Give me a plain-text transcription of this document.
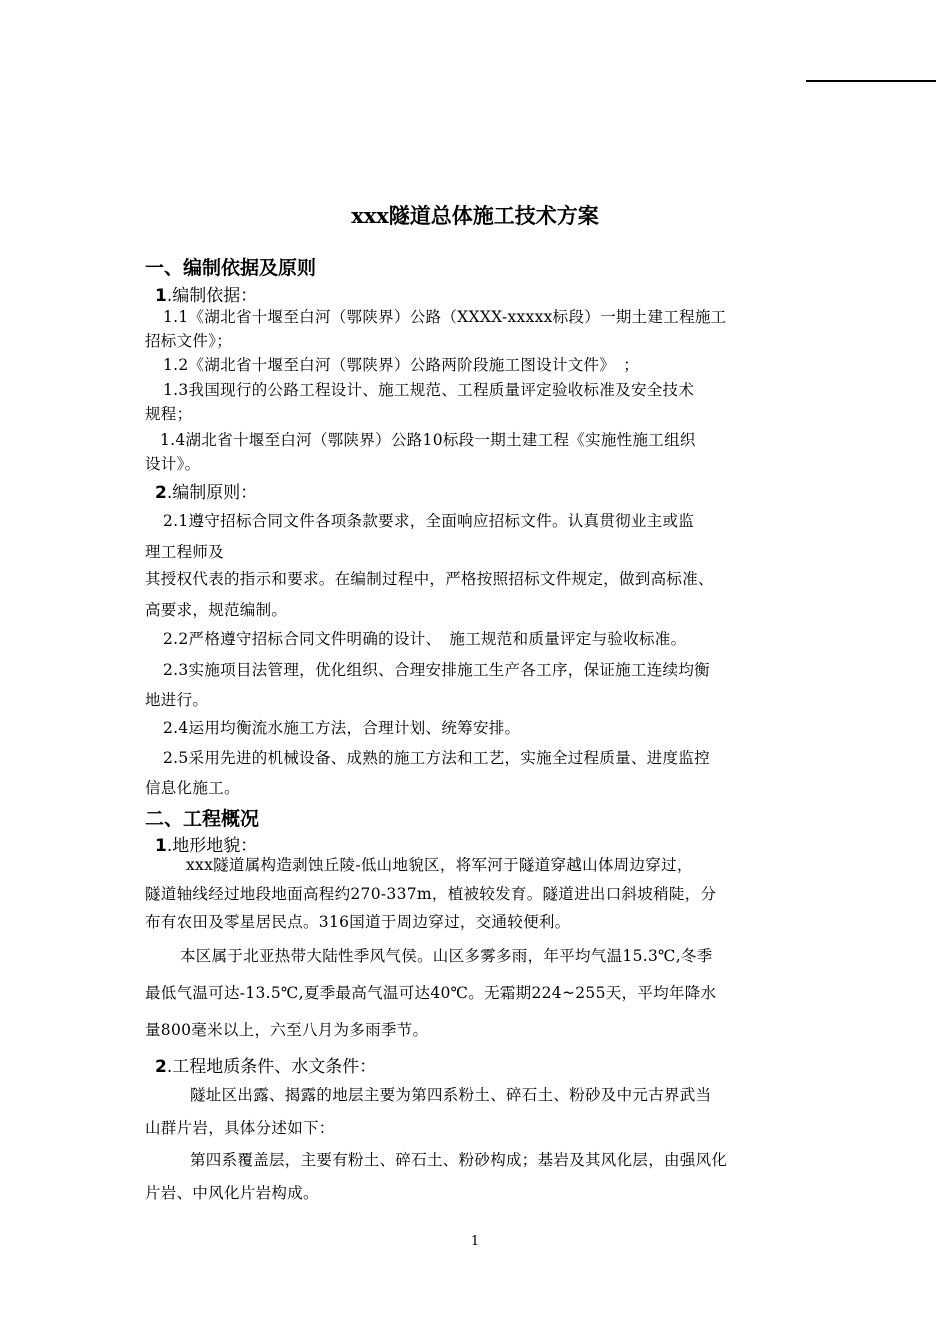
xxx隧道总体施工技术方案
一、编制依据及原则
1.编制依据：
1.1《湖北省十堰至白河（鄂陕界）公路（XXXX-xxxxx标段）一期土建工程施工
招标文件》；
1.2《湖北省十堰至白河（鄂陕界）公路两阶段施工图设计文件》　；
1.3我国现行的公路工程设计、施工规范、工程质量评定验收标准及安全技术
规程；
1.4湖北省十堰至白河（鄂陕界）公路10标段一期土建工程《实施性施工组织
设计》。
2.编制原则：
2.1遵守招标合同文件各项条款要求，全面响应招标文件。认真贯彻业主或监
理工程师及
其授权代表的指示和要求。在编制过程中，严格按照招标文件规定，做到高标准、
高要求，规范编制。
2.2严格遵守招标合同文件明确的设计、　施工规范和质量评定与验收标准。
2.3实施项目法管理，优化组织、合理安排施工生产各工序，保证施工连续均衡
地进行。
2.4运用均衡流水施工方法，合理计划、统筹安排。
2.5采用先进的机械设备、成熟的施工方法和工艺，实施全过程质量、进度监控
信息化施工。
二、工程概况
1.地形地貌：
xxx隧道属构造剥蚀丘陵-低山地貌区，将军河于隧道穿越山体周边穿过，
隧道轴线经过地段地面高程约270-337m，植被较发育。隧道进出口斜坡稍陡，分
布有农田及零星居民点。316国道于周边穿过，交通较便利。
本区属于北亚热带大陆性季风气侯。山区多雾多雨，年平均气温15.3℃,冬季
最低气温可达-13.5℃,夏季最高气温可达40℃。无霜期224~255天，平均年降水
量800毫米以上，六至八月为多雨季节。
2.工程地质条件、水文条件：
隧址区出露、揭露的地层主要为第四系粉土、碎石土、粉砂及中元古界武当
山群片岩，具体分述如下：
第四系覆盖层，主要有粉土、碎石土、粉砂构成；基岩及其风化层，由强风化
片岩、中风化片岩构成。
1
